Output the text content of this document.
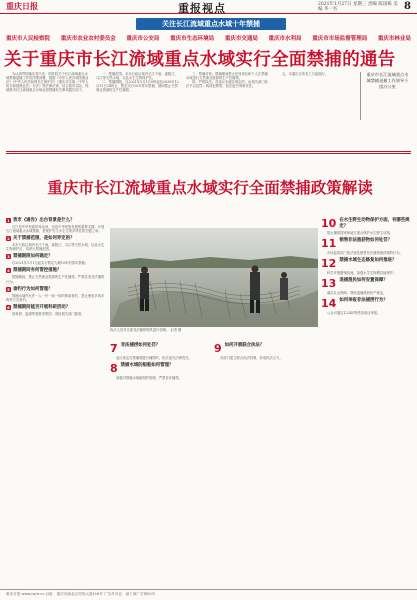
重庆日报	重报视点	2021年1月27日 星期三 责编 陈国栋 美编 李一名	8
关注长江流域重点水域十年禁捕
重庆市人民检察院 重庆市农业农村委员会 重庆市公安局 重庆市生态环境局 重庆市交通局 重庆市水利局 重庆市市场监督管理局 重庆市林业局
关于重庆市长江流域重点水域实行全面禁捕的通告

为认真贯彻落实党中央、国务院关于长江流域重点水域禁捕退捕工作的决策部署，根据《中华人民共和国渔业法》《中华人民共和国长江保护法》《重庆市实施〈中华人民共和国渔业法〉办法》等法律法规，结合我市实际，现就我市长江流域重点水域全面禁捕有关事项通告如下。

一、禁捕范围。本市行政区域内长江干流、嘉陵江、乌江等天然水域，以及水生生物保护区。

二、禁捕期限。自2021年1月1日0时起至2030年12月31日24时止，暂定实行10年常年禁捕，期间禁止天然渔业资源的生产性捕捞。

三、禁捕对象。禁捕期间禁止任何单位和个人在禁捕水域进行天然渔业资源的生产性捕捞。

四、严格执法。对违反本通告规定的，由相关部门依法予以处罚；构成犯罪的，依法追究刑事责任。

五、本通告自发布之日起施行。	重庆市长江流域重点水域禁捕退捕工作领导小组办公室

重庆市长江流域重点水域实行全面禁捕政策解读
1 我市《通告》出台背景是什么？

长江是中华民族的母亲河，也是中华民族发展的重要支撑。开展长江流域重点水域禁捕，是保护长江水生生物多样性的关键之举。

2 关于禁捕范围，是如何界定的？

本市行政区域内长江干流、嘉陵江、乌江等天然水域，以及水生生物保护区，均纳入禁捕范围。

3 禁捕期限如何确定？

自2021年1月1日起实行暂定为期10年的常年禁捕。

4 禁捕期间有何管控措施？

禁捕期间，禁止天然渔业资源的生产性捕捞，严禁各类非法捕捞行为。

5 垂钓行为如何管理？

禁捕水域内允许一人一杆一线一钩的休闲垂钓，禁止使用多线多钩等方式垂钓。

6 禁捕期间能否开展科研活动？

因科研、监测等需要采集的，须经相关部门批准。

执法人员对江面非法捕捞网具进行清理。 记者 摄
7 非法捕捞如何处罚？

违反规定在禁捕期进行捕捞的，依法追究法律责任。

8 禁捕水域的船舶如何管理？

加强对禁捕水域船舶的管理，严禁非法捕捞。

9 如何开展联合执法？

各部门建立联合执法机制，形成执法合力。

10 在水生野生动物保护方面，有哪些规定？

禁止捕捞国家和地方重点保护水生野生动物。

11 销售非法渔获物如何处罚？

市场监管部门依法查处销售非法捕捞渔获物的行为。

12 禁捕水域生态修复如何推进？

科学开展增殖放流，加强水生生物栖息地保护。

13 退捕渔民如何安置保障？

落实社会保障，帮助退捕渔民转产就业。

14 如何举报非法捕捞行为？

公众可通过12345等热线电话举报。

重庆日报 www.cqrb.cn 社址：重庆市渝北区同茂大道416号 广告许可证：渝工商广字第00号
